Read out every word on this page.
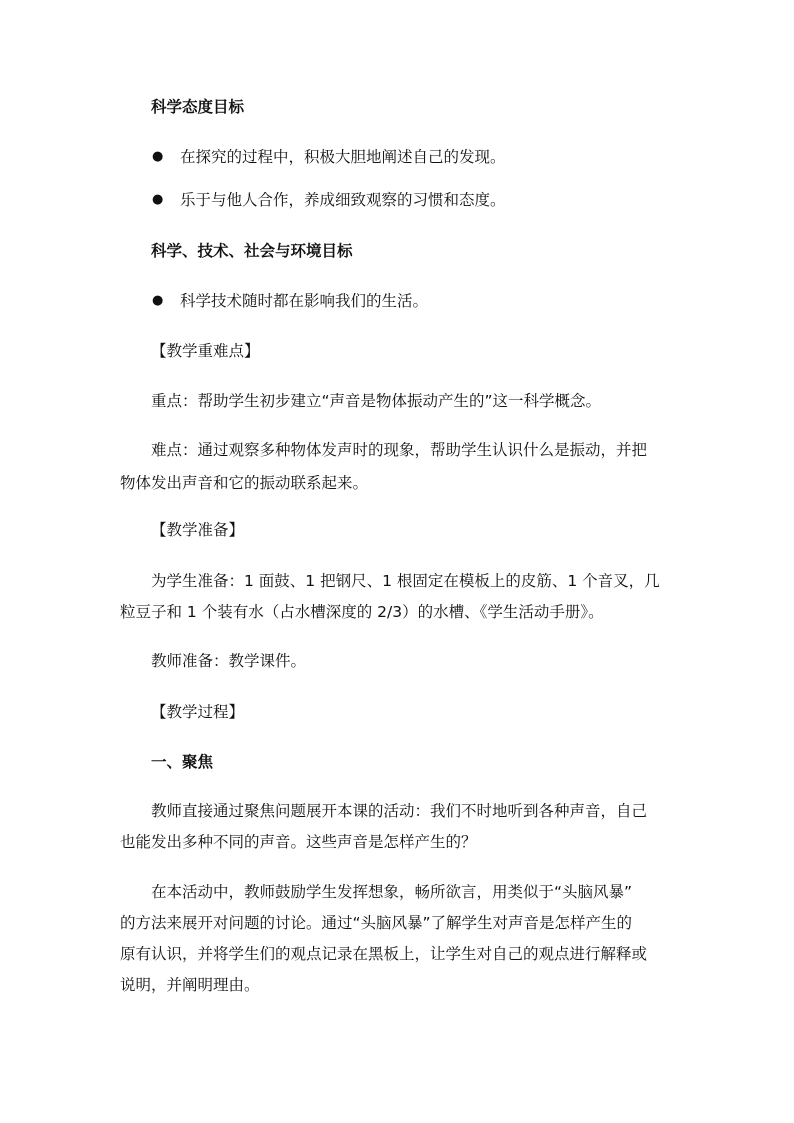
科学态度目标
● 在探究的过程中，积极大胆地阐述自己的发现。
● 乐于与他人合作，养成细致观察的习惯和态度。
科学、技术、社会与环境目标
● 科学技术随时都在影响我们的生活。
【教学重难点】
重点：帮助学生初步建立“声音是物体振动产生的”这一科学概念。
难点：通过观察多种物体发声时的现象，帮助学生认识什么是振动，并把
物体发出声音和它的振动联系起来。
【教学准备】
为学生准备：1 面鼓、1 把钢尺、1 根固定在模板上的皮筋、1 个音叉，几
粒豆子和 1 个装有水（占水槽深度的 2/3）的水槽、《学生活动手册》。
教师准备：教学课件。
【教学过程】
一、聚焦
教师直接通过聚焦问题展开本课的活动：我们不时地听到各种声音，自己
也能发出多种不同的声音。这些声音是怎样产生的？
在本活动中，教师鼓励学生发挥想象，畅所欲言，用类似于“头脑风暴”
的方法来展开对问题的讨论。通过“头脑风暴”了解学生对声音是怎样产生的
原有认识，并将学生们的观点记录在黑板上，让学生对自己的观点进行解释或
说明，并阐明理由。
